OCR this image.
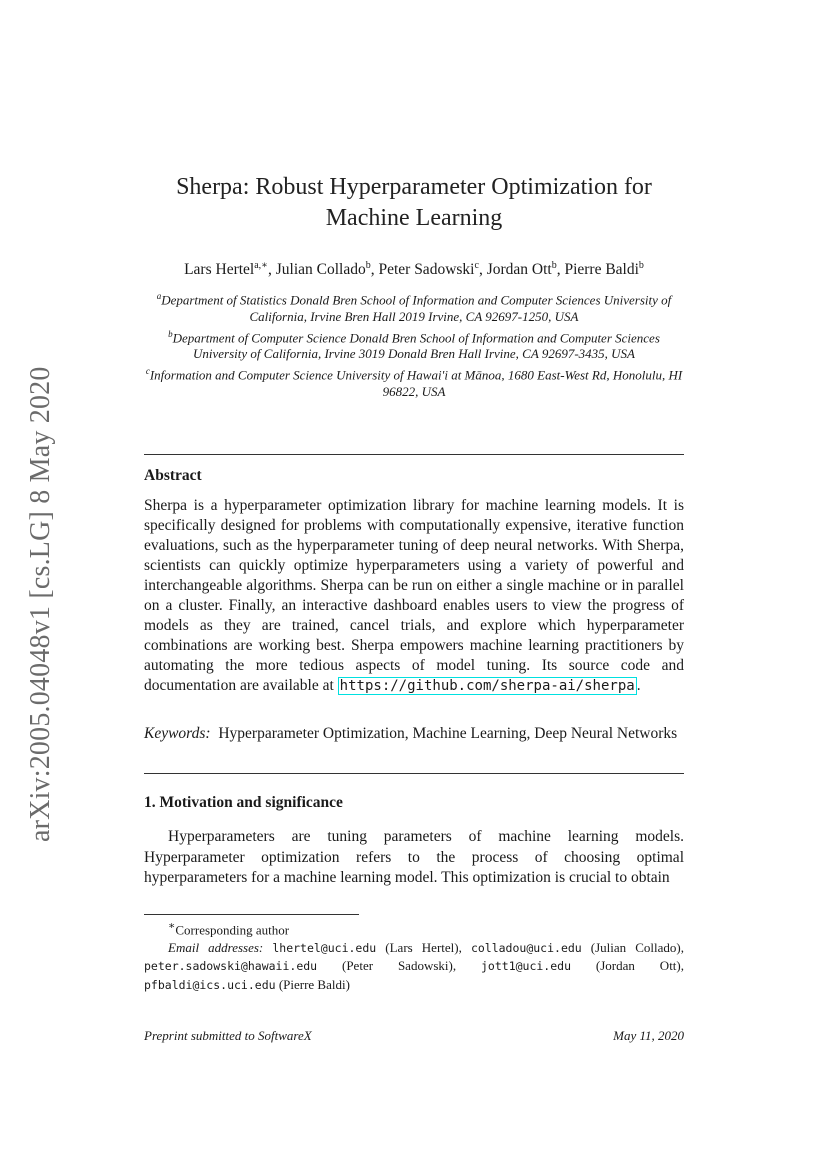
arXiv:2005.04048v1 [cs.LG] 8 May 2020
Sherpa: Robust Hyperparameter Optimization for
Machine Learning
Lars Hertel$^{a,∗}$, Julian Collado$^b$, Peter Sadowski$^c$, Jordan Ott$^b$, Pierre Baldi$^b$
$^a$Department of Statistics Donald Bren School of Information and Computer Sciences University of California, Irvine Bren Hall 2019 Irvine, CA 92697-1250, USA
$^b$Department of Computer Science Donald Bren School of Information and Computer Sciences University of California, Irvine 3019 Donald Bren Hall Irvine, CA 92697-3435, USA
$^c$Information and Computer Science University of Hawai'i at Mānoa, 1680 East-West Rd, Honolulu, HI 96822, USA
Abstract
Sherpa is a hyperparameter optimization library for machine learning models. It is specifically designed for problems with computationally expensive, iterative function evaluations, such as the hyperparameter tuning of deep neural networks. With Sherpa, scientists can quickly optimize hyperparameters using a variety of powerful and interchangeable algorithms. Sherpa can be run on either a single machine or in parallel on a cluster. Finally, an interactive dashboard enables users to view the progress of models as they are trained, cancel trials, and explore which hyperparameter combinations are working best. Sherpa empowers machine learning practitioners by automating the more tedious aspects of model tuning. Its source code and documentation are available at https://github.com/sherpa-ai/sherpa .
Keywords: Hyperparameter Optimization, Machine Learning, Deep Neural Networks
1. Motivation and significance
Hyperparameters are tuning parameters of machine learning models. Hyperparameter optimization refers to the process of choosing optimal hyperparameters for a machine learning model. This optimization is crucial to obtain
∗Corresponding author
Email addresses: lhertel@uci.edu (Lars Hertel), colladou@uci.edu (Julian Collado), peter.sadowski@hawaii.edu (Peter Sadowski), jott1@uci.edu (Jordan Ott), pfbaldi@ics.uci.edu (Pierre Baldi)
Preprint submitted to SoftwareX	May 11, 2020
